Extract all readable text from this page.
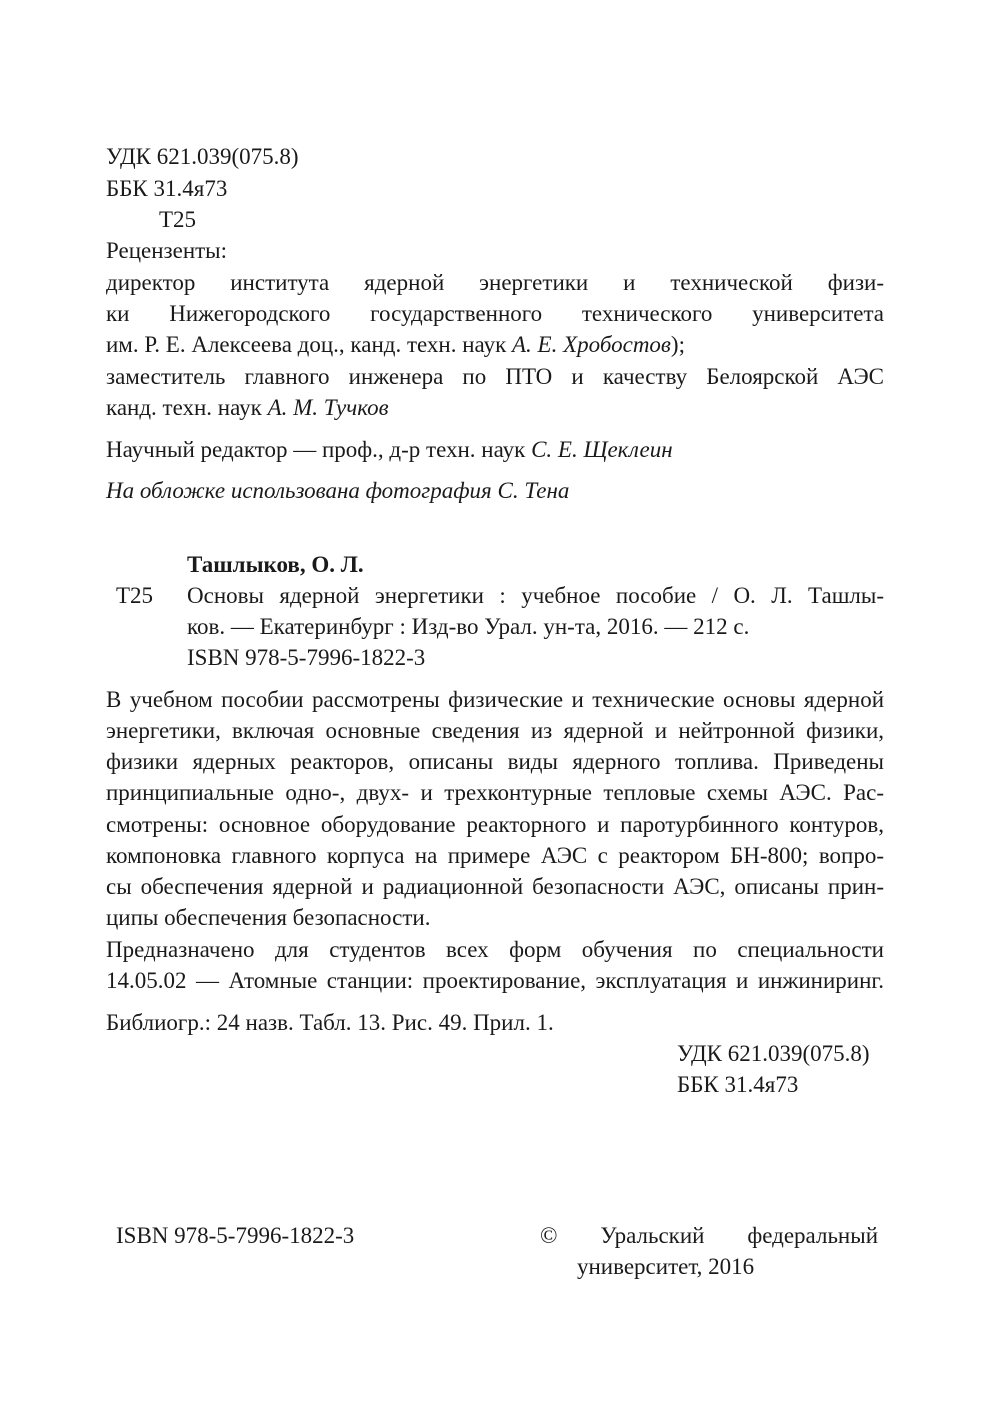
УДК 621.039(075.8)
ББК 31.4я73
Т25
Рецензенты:
директор института ядерной энергетики и технической физи-
ки Нижегородского государственного технического университета
им. Р. Е. Алексеева доц., канд. техн. наук А. Е. Хробостов);
заместитель главного инженера по ПТО и качеству Белоярской АЭС
канд. техн. наук А. М. Тучков
Научный редактор — проф., д-р техн. наук С. Е. Щеклеин
На обложке использована фотография С. Тена
Ташлыков, О. Л.
Т25 Основы ядерной энергетики : учебное пособие / О. Л. Ташлы-
ков. — Екатеринбург : Изд-во Урал. ун-та, 2016. — 212 с.
ISBN 978-5-7996-1822-3
В учебном пособии рассмотрены физические и технические основы ядерной
энергетики, включая основные сведения из ядерной и нейтронной физики,
физики ядерных реакторов, описаны виды ядерного топлива. Приведены
принципиальные одно-, двух- и трехконтурные тепловые схемы АЭС. Рас-
смотрены: основное оборудование реакторного и паротурбинного контуров,
компоновка главного корпуса на примере АЭС с реактором БН-800; вопро-
сы обеспечения ядерной и радиационной безопасности АЭС, описаны прин-
ципы обеспечения безопасности.
Предназначено для студентов всех форм обучения по специальности
14.05.02 — Атомные станции: проектирование, эксплуатация и инжиниринг.
Библиогр.: 24 назв. Табл. 13. Рис. 49. Прил. 1.
УДК 621.039(075.8)
ББК 31.4я73
ISBN 978-5-7996-1822-3	© Уральский федеральный
университет, 2016
